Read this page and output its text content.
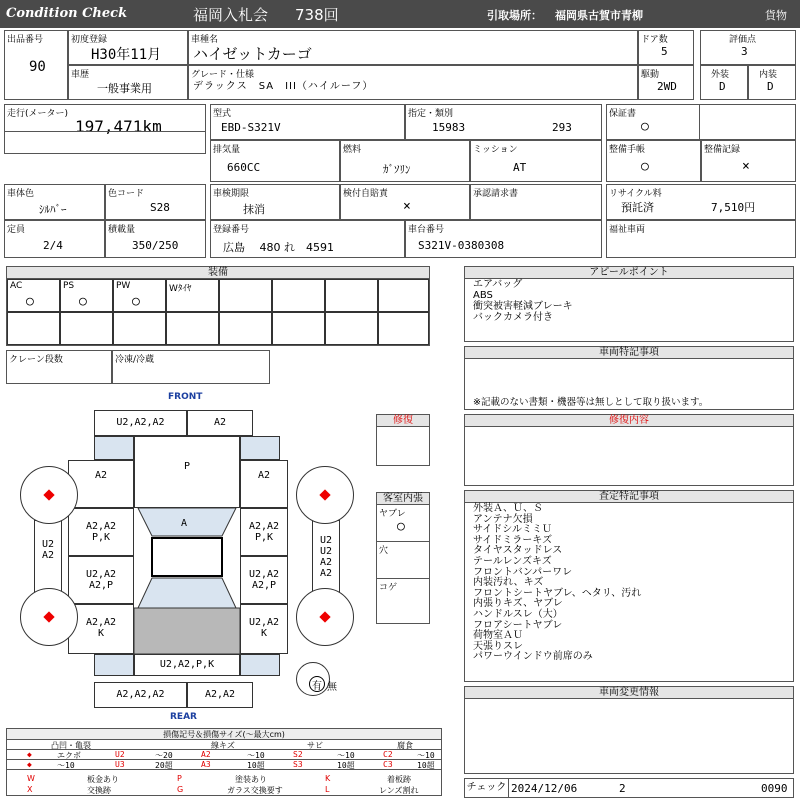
Condition Check	福岡入札会 738回	引取場所： 福岡県古賀市青柳	貨物
出品番号
90
初度登録
H30年11月
車種名
ハイゼットカーゴ
ドア数
5
評価点
3
車歴
一般事業用
グレード・仕様
デラックス　SA　III（ハイルーフ）
駆動
2WD
外装
D
内装
D
走行(メーター)
197,471km
型式
EBD-S321V
指定・類別
15983	293
保証書
○
排気量
660CC
燃料
ｶﾞｿﾘﾝ
ミッション
AT
整備手帳
○
整備記録
×
車体色
ｼﾙﾊﾞｰ
色コード
S28
車検期限
抹消
検付自賠責
×
承認請求書	リサイクル料
預託済	7,510円
定員
2/4
積載量
350/250
登録番号
広島　 480 れ　4591
車台番号
S321V-0380308
福祉車両
装備
AC
○
PS
○
PW
○
Wﾀｲﾔ
クレーン段数	冷凍/冷蔵
アピールポイント
エアバッグ
ABS
衝突被害軽減ブレーキ
バックカメラ付き
車両特記事項
※記載のない書類・機器等は無しとして取り扱います。
修復	修復内容
客室内張
ヤブレ
○
穴
コゲ
査定特記事項
外装Ａ、Ｕ、Ｓ
アンテナ欠損
サイドシルミミＵ
サイドミラーキズ
タイヤスタッドレス
テールレンズキズ
フロントバンパーワレ
内装汚れ、キズ
フロントシートヤブレ、ヘタリ、汚れ
内張りキズ、ヤブレ
ハンドルスレ（大）
フロアシートヤブレ
荷物室ＡＵ
天張りスレ
パワーウインドウ前席のみ
車両変更情報
FRONT
U2,A2,A2	A2
A2
P
A2
A2,A2
P,K
A2,A2
P,K
U2,A2
A2,P
U2,A2
A2,P
A2,A2
K
U2,A2
K
U2
A2
U2
U2
A2
A2
A
U2,A2,P,K
A2,A2,A2	A2,A2
有 無
REAR
損傷記号＆損傷サイズ(～最大cm)
凸凹・亀裂	線キズ	サビ	腐食
◆	エクボ	U2	～20	A2	～10	S2	～10	C2	～10
◆	～10	U3	20超	A3	10超	S3	10超	C3	10超
W	板金あり	P	塗装あり	K	着板跡
X	交換跡	G	ガラス交換要す	L	レンズ割れ	チェック 2024/12/06	2	0090
